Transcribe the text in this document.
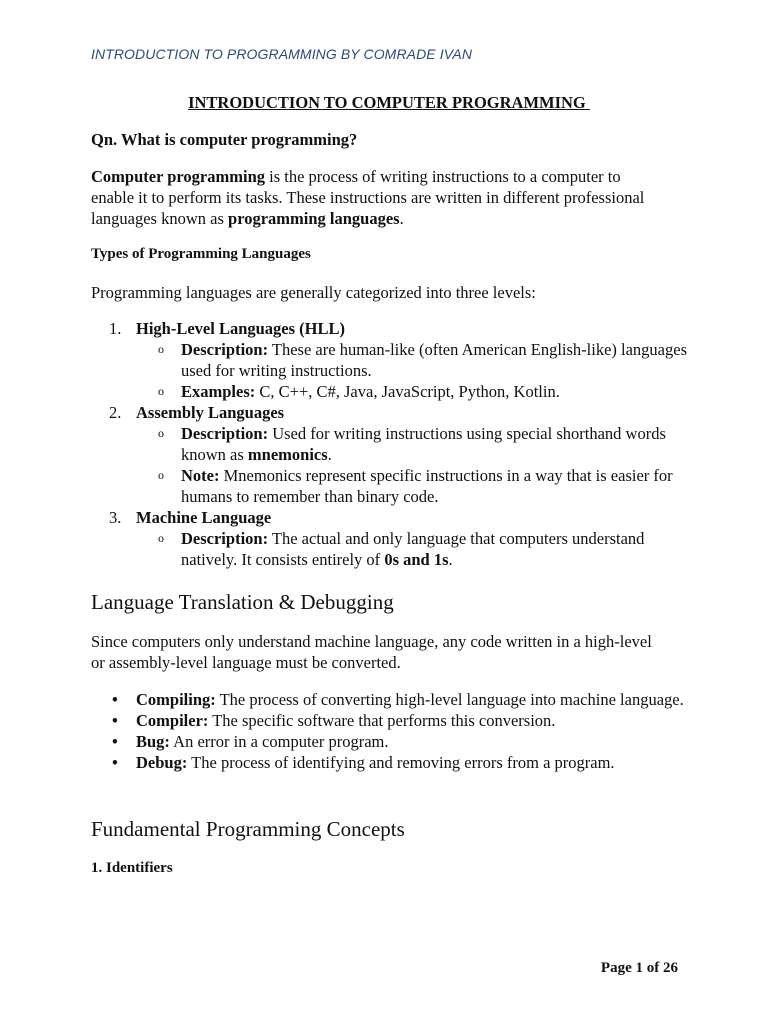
INTRODUCTION TO PROGRAMMING BY COMRADE IVAN
INTRODUCTION TO COMPUTER PROGRAMMING
Qn. What is computer programming?
Computer programming is the process of writing instructions to a computer to enable it to perform its tasks. These instructions are written in different professional languages known as programming languages.
Types of Programming Languages
Programming languages are generally categorized into three levels:
1. High-Level Languages (HLL)
o Description: These are human-like (often American English-like) languages used for writing instructions.
o Examples: C, C++, C#, Java, JavaScript, Python, Kotlin.
2. Assembly Languages
o Description: Used for writing instructions using special shorthand words known as mnemonics.
o Note: Mnemonics represent specific instructions in a way that is easier for humans to remember than binary code.
3. Machine Language
o Description: The actual and only language that computers understand natively. It consists entirely of 0s and 1s.
Language Translation & Debugging
Since computers only understand machine language, any code written in a high-level or assembly-level language must be converted.
• Compiling: The process of converting high-level language into machine language.
• Compiler: The specific software that performs this conversion.
• Bug: An error in a computer program.
• Debug: The process of identifying and removing errors from a program.
Fundamental Programming Concepts
1. Identifiers
Page 1 of 26
